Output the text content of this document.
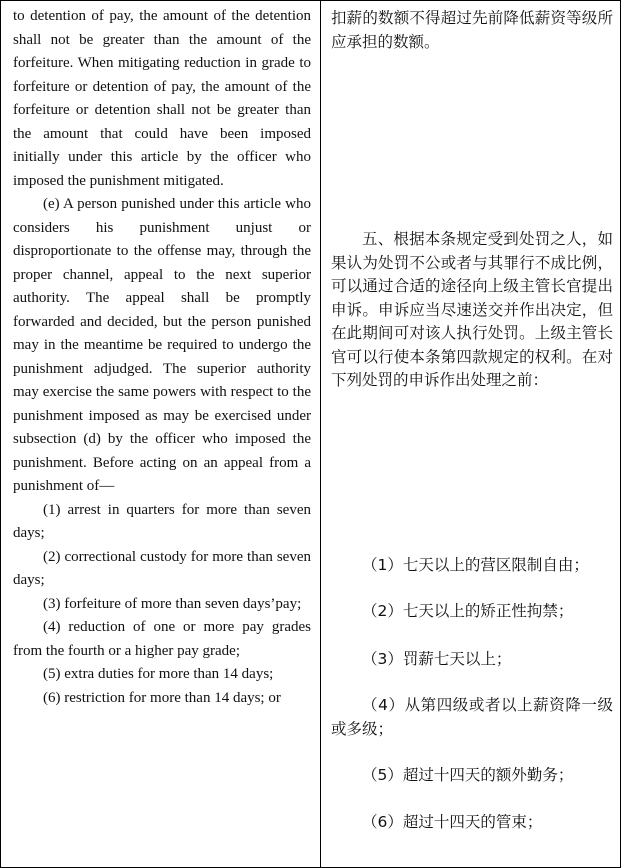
to detention of pay, the amount of the detention shall not be greater than the amount of the forfeiture. When mitigating reduction in grade to forfeiture or detention of pay, the amount of the forfeiture or detention shall not be greater than the amount that could have been imposed initially under this article by the officer who imposed the punishment mitigated.

(e) A person punished under this article who considers his punishment unjust or disproportionate to the offense may, through the proper channel, appeal to the next superior authority. The appeal shall be promptly forwarded and decided, but the person punished may in the meantime be required to undergo the punishment adjudged. The superior authority may exercise the same powers with respect to the punishment imposed as may be exercised under subsection (d) by the officer who imposed the punishment. Before acting on an appeal from a punishment of—

(1) arrest in quarters for more than seven days;

(2) correctional custody for more than seven days;

(3) forfeiture of more than seven days’pay;

(4) reduction of one or more pay grades from the fourth or a higher pay grade;

(5) extra duties for more than 14 days;

(6) restriction for more than 14 days; or

扣薪的数额不得超过先前降低薪资等级所应承担的数额。
五、根据本条规定受到处罚之人，如果认为处罚不公或者与其罪行不成比例，可以通过合适的途径向上级主管长官提出申诉。申诉应当尽速送交并作出决定，但在此期间可对该人执行处罚。上级主管长官可以行使本条第四款规定的权利。在对下列处罚的申诉作出处理之前：
（1）七天以上的营区限制自由；
（2）七天以上的矫正性拘禁；
（3）罚薪七天以上；
（4）从第四级或者以上薪资降一级或多级；
（5）超过十四天的额外勤务；
（6）超过十四天的管束；
